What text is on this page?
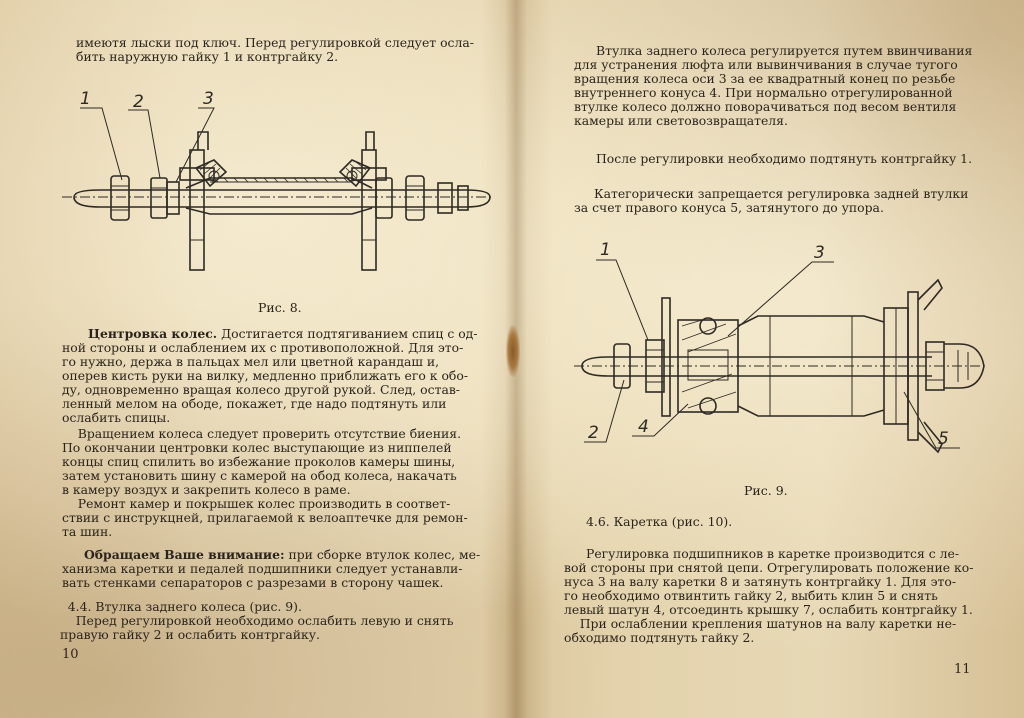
имеютя лыски под ключ. Перед регулировкой следует осла-

бить наружную гайку 1 и контргайку 2.

1 2	3

Рис. 8.

Центровка колес. Достигается подтягиванием спиц с од-

ной стороны и ослаблением их с противоположной. Для это-

го нужно, держа в пальцах мел или цветной карандаш и,

оперев кисть руки на вилку, медленно приближать его к обо-

ду, одновременно вращая колесо другой рукой. След, остав-

ленный мелом на ободе, покажет, где надо подтянуть или

ослабить спицы.

Вращением колеса следует проверить отсутствие биения.

По окончании центровки колес выступающие из ниппелей

концы спиц спилить во избежание проколов камеры шины,

затем установить шину с камерой на обод колеса, накачать

в камеру воздух и закрепить колесо в раме.

Ремонт камер и покрышек колес производить в соответ-

ствии с инструкцней, прилагаемой к велоаптечке для ремон-

та шин.

Обращаем Ваше внимание: при сборке втулок колес, ме-

ханизма каретки и педалей подшипники следует устанавли-

вать стенками сепараторов с разрезами в сторону чашек.

4.4. Втулка заднего колеса (рис. 9).

Перед регулировкой необходимо ослабить левую и снять

правую гайку 2 и ослабить контргайку.

10

Втулка заднего колеса регулируется путем ввинчивания

для устранения люфта или вывинчивания в случае тугого

вращения колеса оси 3 за ее квадратный конец по резьбе

внутреннего конуса 4. При нормально отрегулированной

втулке колесо должно поворачиваться под весом вентиля

камеры или световозвращателя.

После регулировки необходимо подтянуть контргайку 1.

Категорически запрещается регулировка задней втулки

за счет правого конуса 5, затянутого до упора.

1
2
3
4
5

Рис. 9.

4.6. Каретка (рис. 10).

Регулировка подшипников в каретке производится с ле-

вой стороны при снятой цепи. Отрегулировать положение ко-

нуса 3 на валу каретки 8 и затянуть контргайку 1. Для это-

го необходимо отвинтить гайку 2, выбить клин 5 и снять

левый шатун 4, отсоединть крышку 7, ослабить контргайку 1.

При ослаблении крепления шатунов на валу каретки не-

обходимо подтянуть гайку 2.

11
